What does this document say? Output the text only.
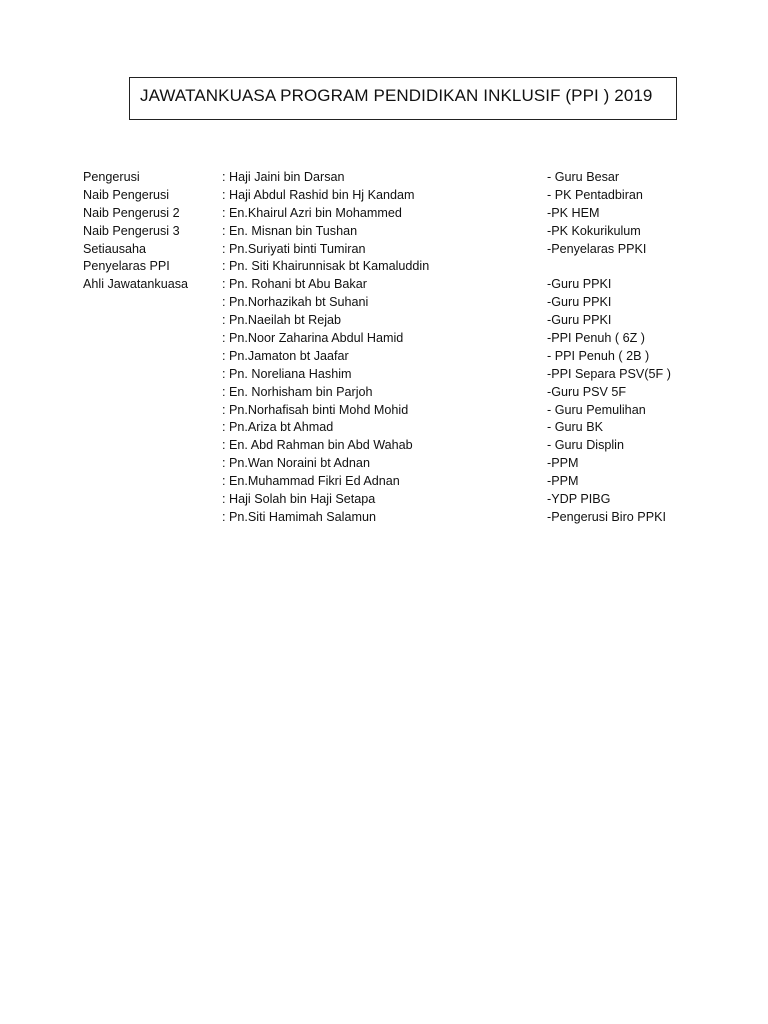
JAWATANKUASA PROGRAM PENDIDIKAN INKLUSIF (PPI ) 2019
Pengerusi	: Haji Jaini bin Darsan	- Guru Besar
Naib Pengerusi	: Haji Abdul Rashid bin Hj Kandam	- PK Pentadbiran
Naib Pengerusi 2	: En.Khairul Azri bin Mohammed	-PK HEM
Naib Pengerusi 3	: En. Misnan bin Tushan	-PK Kokurikulum
Setiausaha	: Pn.Suriyati binti Tumiran	-Penyelaras PPKI
Penyelaras PPI	: Pn. Siti Khairunnisak bt Kamaluddin
Ahli Jawatankuasa	: Pn. Rohani bt Abu Bakar	-Guru PPKI
: Pn.Norhazikah bt Suhani	-Guru PPKI
: Pn.Naeilah bt Rejab	-Guru PPKI
: Pn.Noor Zaharina Abdul Hamid	-PPI Penuh ( 6Z )
: Pn.Jamaton bt Jaafar	- PPI Penuh ( 2B )
: Pn. Noreliana Hashim	-PPI Separa PSV(5F )
: En. Norhisham bin Parjoh	-Guru PSV 5F
: Pn.Norhafisah binti Mohd Mohid	- Guru Pemulihan
: Pn.Ariza bt Ahmad	- Guru BK
: En. Abd Rahman bin Abd Wahab	- Guru Displin
: Pn.Wan Noraini bt Adnan	-PPM
: En.Muhammad Fikri Ed Adnan	-PPM
: Haji Solah bin Haji Setapa	-YDP PIBG
: Pn.Siti Hamimah Salamun	-Pengerusi Biro PPKI
